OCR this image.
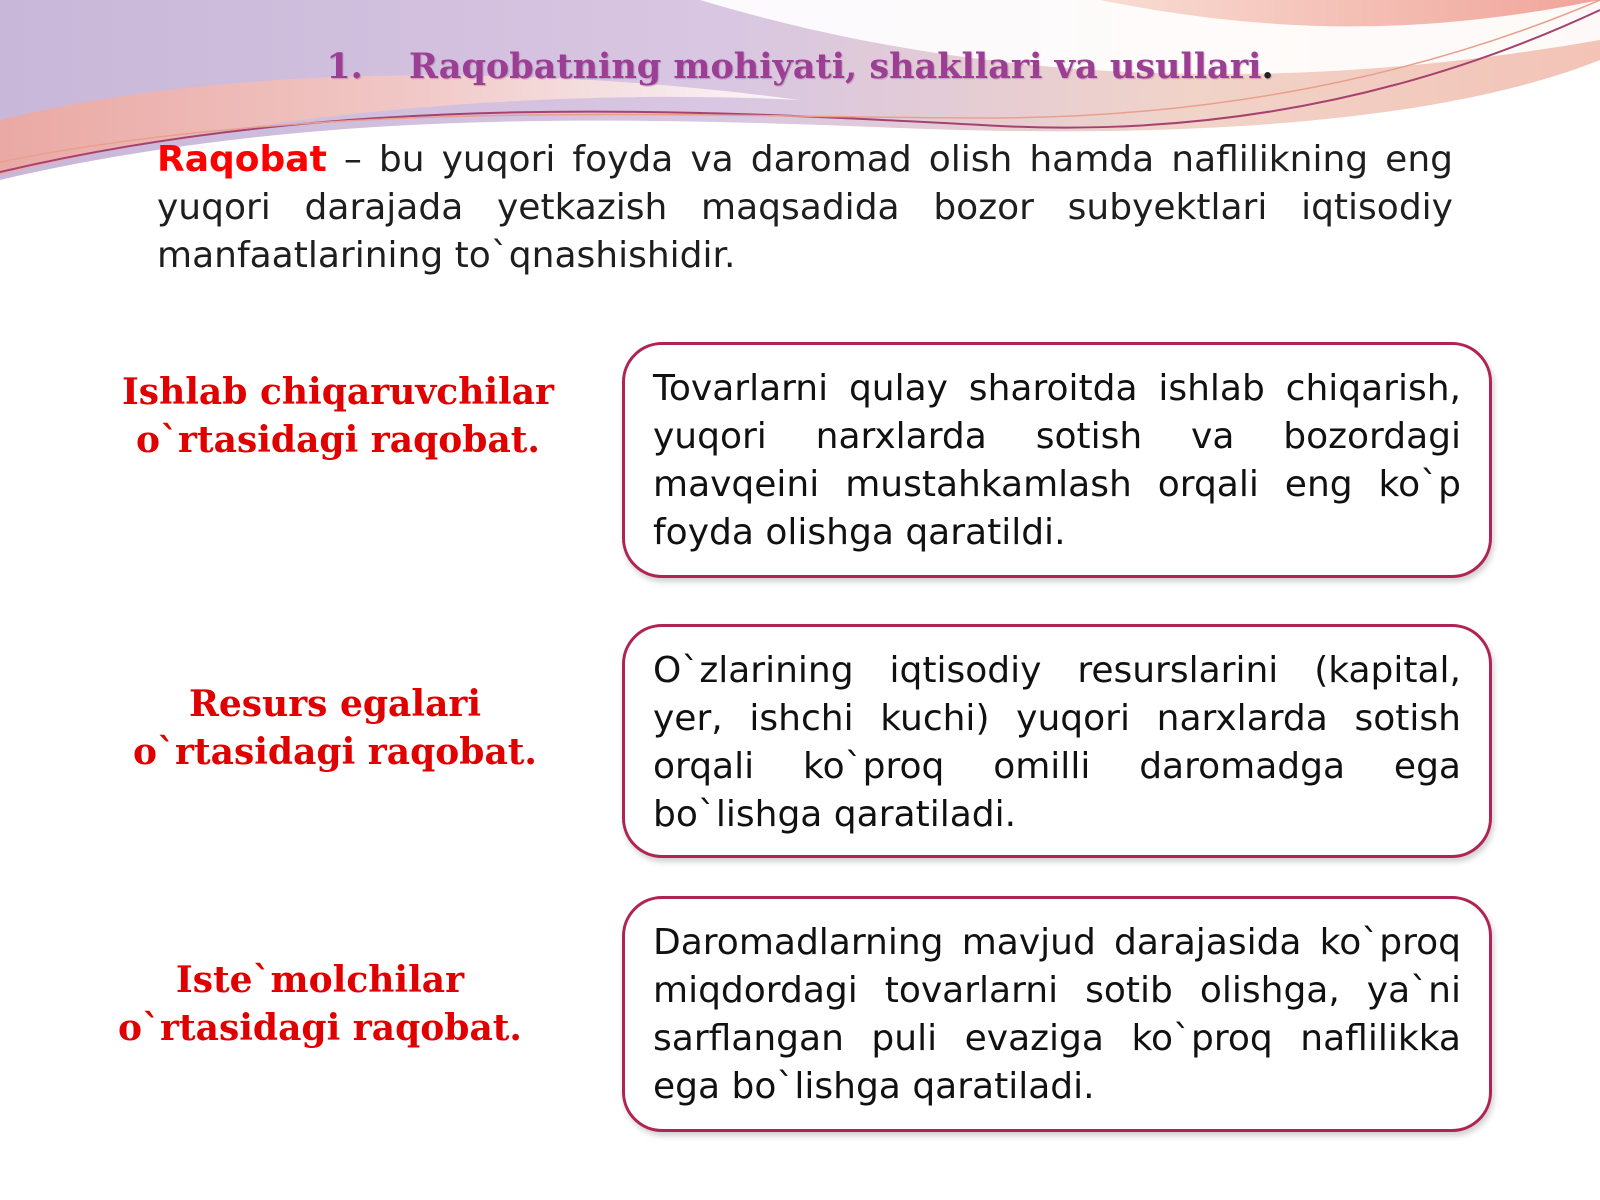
1. Raqobatning mohiyati, shakllari va usullari.
Raqobat – bu yuqori foyda va daromad olish hamda naflilikning eng yuqori darajada yetkazish maqsadida bozor subyektlari iqtisodiy manfaatlarining to`qnashishidir.
Ishlab chiqaruvchilar o`rtasidagi raqobat.

Tovarlarni qulay sharoitda ishlab chiqarish, yuqori narxlarda sotish va bozordagi mavqeini mustahkamlash orqali eng ko`p foyda olishga qaratildi.

Resurs egalari o`rtasidagi raqobat.

O`zlarining iqtisodiy resurslarini (kapital, yer, ishchi kuchi) yuqori narxlarda sotish orqali ko`proq omilli daromadga ega bo`lishga qaratiladi.

Iste`molchilar o`rtasidagi raqobat.

Daromadlarning mavjud darajasida ko`proq miqdordagi tovarlarni sotib olishga, ya`ni sarflangan puli evaziga ko`proq naflilikka ega bo`lishga qaratiladi.
